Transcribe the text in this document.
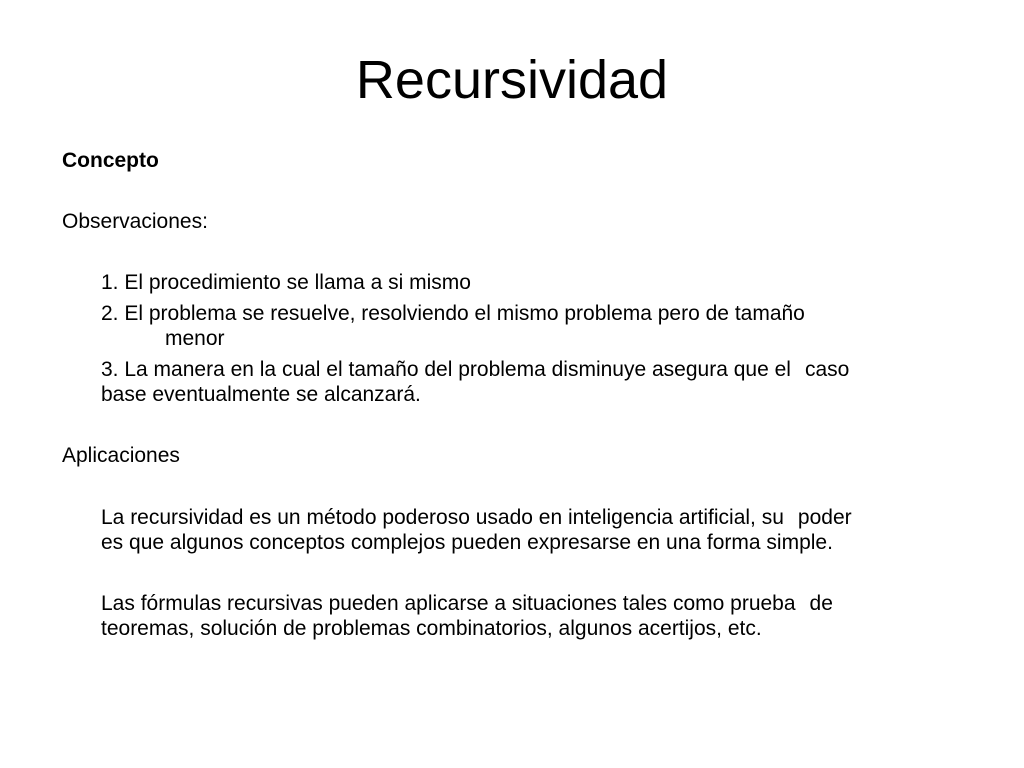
Recursividad

Concepto

Observaciones:

1. El procedimiento se llama a si mismo

2. El problema se resuelve, resolviendo el mismo problema pero de tamaño

menor

3. La manera en la cual el tamaño del problema disminuye asegura que el caso

base eventualmente se alcanzará.

Aplicaciones

La recursividad es un método poderoso usado en inteligencia artificial, su poder

es que algunos conceptos complejos pueden expresarse en una forma simple.

Las fórmulas recursivas pueden aplicarse a situaciones tales como prueba de

teoremas, solución de problemas combinatorios, algunos acertijos, etc.
